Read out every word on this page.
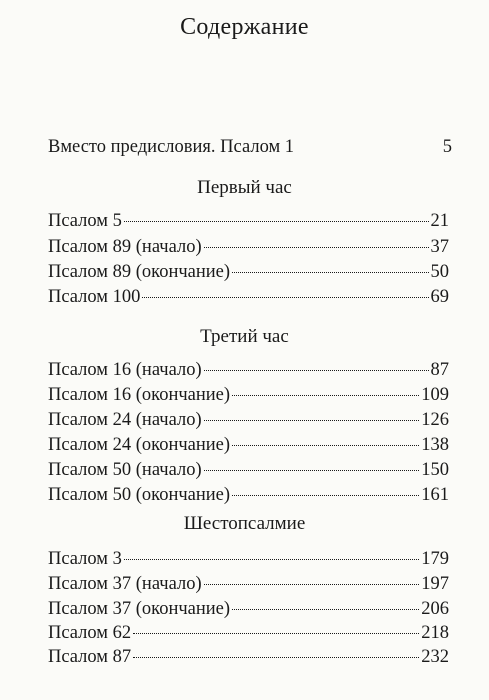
Содержание
Вместо предисловия. Псалом 1	5
Первый час
Псалом 5	21
Псалом 89 (начало)	37
Псалом 89 (окончание)	50
Псалом 100	69
Третий час
Псалом 16 (начало)	87
Псалом 16 (окончание)	109
Псалом 24 (начало)	126
Псалом 24 (окончание)	138
Псалом 50 (начало)	150
Псалом 50 (окончание)	161
Шестопсалмие
Псалом 3	179
Псалом 37 (начало)	197
Псалом 37 (окончание)	206
Псалом 62	218
Псалом 87	232
